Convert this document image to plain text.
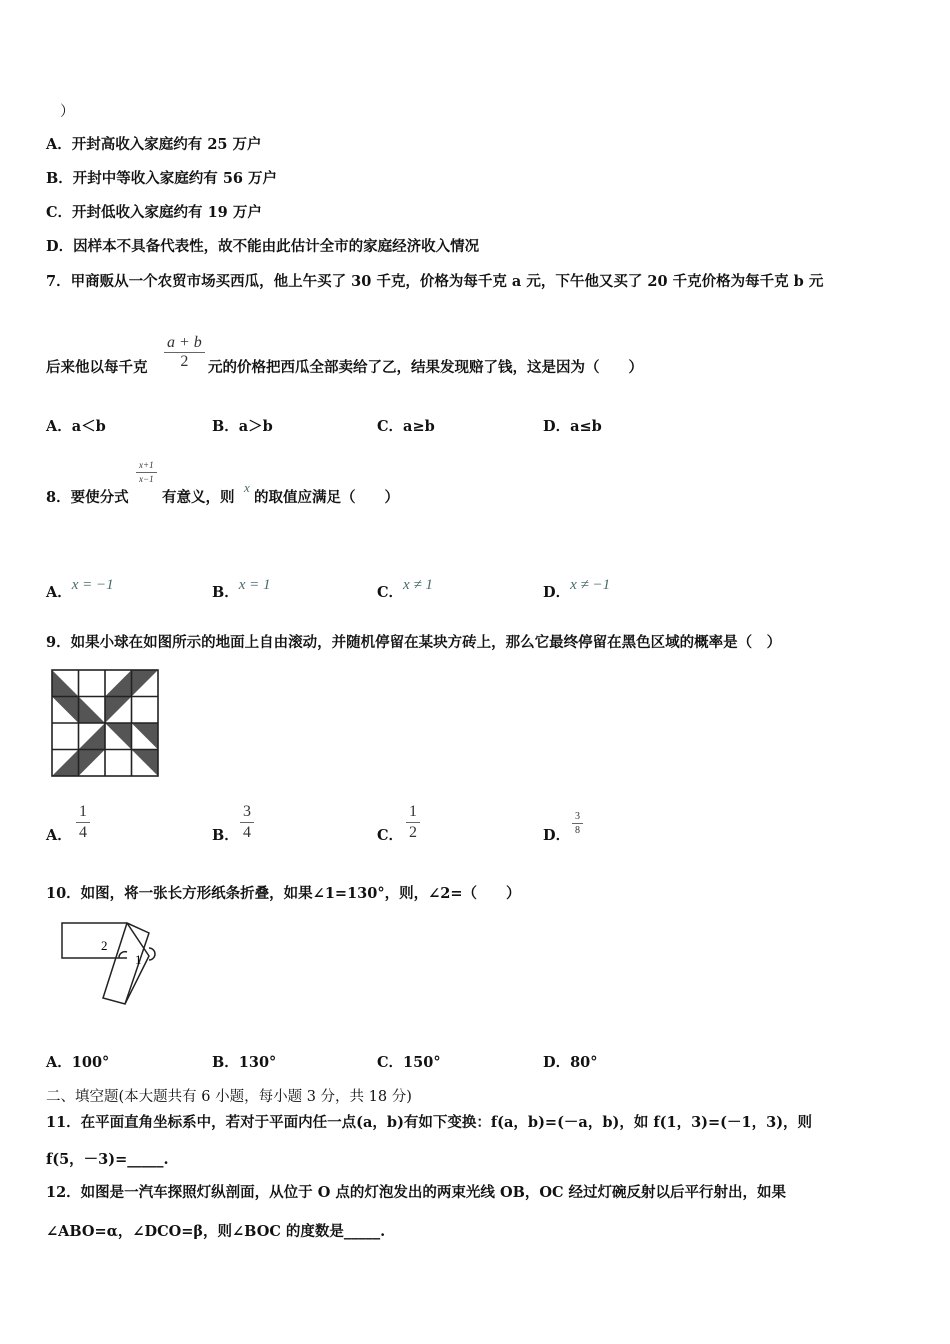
）
A．开封高收入家庭约有 25 万户
B．开封中等收入家庭约有 56 万户
C．开封低收入家庭约有 19 万户
D．因样本不具备代表性，故不能由此估计全市的家庭经济收入情况
7．甲商贩从一个农贸市场买西瓜，他上午买了 30 千克，价格为每千克 a 元，下午他又买了 20 千克价格为每千克 b 元
后来他以每千克 $\frac{a + b}{2}$ 元的价格把西瓜全部卖给了乙，结果发现赔了钱，这是因为（　　）
A．a＜b	B．a＞b	C．a≥b	D．a≤b
8．要使分式
$\frac{x+1}{x-1}$
有意义，则
x
的取值应满足（　　）
A．x = −1	B．x = 1	C．x ≠ 1	D．x ≠ −1
9．如果小球在如图所示的地面上自由滚动，并随机停留在某块方砖上，那么它最终停留在黑色区域的概率是（　）
A． $\frac{1}{4}$	B． $\frac{3}{4}$	C． $\frac{1}{2}$	D． $\frac{3}{8}$
10．如图，将一张长方形纸条折叠，如果∠1=130°，则，∠2=（　　）
2
1
A．100°	B．130°	C．150°	D．80°
二、填空题(本大题共有 6 小题，每小题 3 分，共 18 分)
11．在平面直角坐标系中，若对于平面内任一点(a，b)有如下变换：f(a，b)=(－a，b)，如 f(1，3)=(－1，3)，则
f(5，－3)=_____.
12．如图是一汽车探照灯纵剖面，从位于 O 点的灯泡发出的两束光线 OB，OC 经过灯碗反射以后平行射出，如果
∠ABO=α，∠DCO=β，则∠BOC 的度数是_____.
